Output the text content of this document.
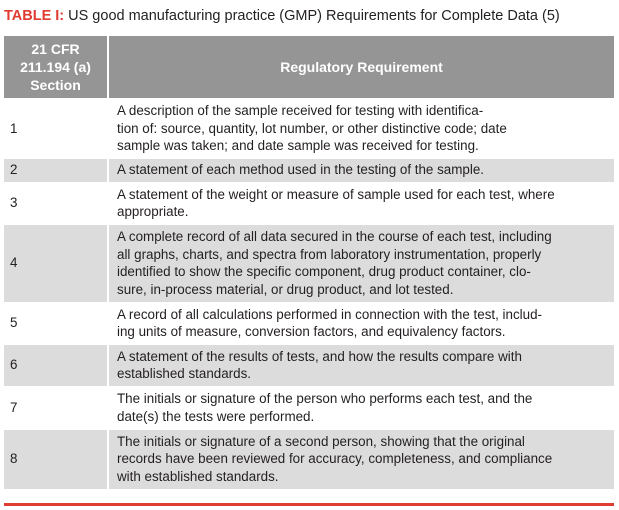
TABLE I: US good manufacturing practice (GMP) Requirements for Complete Data (5)
21 CFR
211.194 (a)
Section	Regulatory Requirement
1	A description of the sample received for testing with identifica-
tion of: source, quantity, lot number, or other distinctive code; date
sample was taken; and date sample was received for testing.

2	A statement of each method used in the testing of the sample.

3	A statement of the weight or measure of sample used for each test, where
appropriate.

4	A complete record of all data secured in the course of each test, including
all graphs, charts, and spectra from laboratory instrumentation, properly
identified to show the specific component, drug product container, clo-
sure, in-process material, or drug product, and lot tested.

5	A record of all calculations performed in connection with the test, includ-
ing units of measure, conversion factors, and equivalency factors.

6	A statement of the results of tests, and how the results compare with
established standards.

7	The initials or signature of the person who performs each test, and the
date(s) the tests were performed.

8	The initials or signature of a second person, showing that the original
records have been reviewed for accuracy, completeness, and compliance
with established standards.
